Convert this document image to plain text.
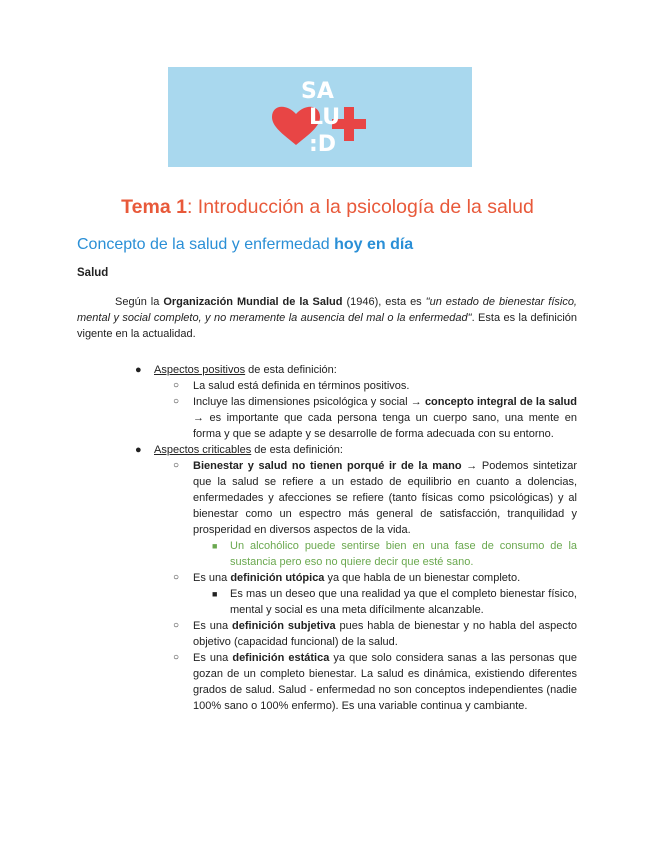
SA
LU
:D
Tema 1: Introducción a la psicología de la salud
Concepto de la salud y enfermedad hoy en día
Salud

Según la Organización Mundial de la Salud (1946), esta es "un estado de bienestar físico, mental y social completo, y no meramente la ausencia del mal o la enfermedad". Esta es la definición vigente en la actualidad.

● Aspectos positivos de esta definición:
○ La salud está definida en términos positivos.
○ Incluye las dimensiones psicológica y social → concepto integral de la salud → es importante que cada persona tenga un cuerpo sano, una mente en forma y que se adapte y se desarrolle de forma adecuada con su entorno.
● Aspectos criticables de esta definición:
○ Bienestar y salud no tienen porqué ir de la mano → Podemos sintetizar que la salud se refiere a un estado de equilibrio en cuanto a dolencias, enfermedades y afecciones se refiere (tanto físicas como psicológicas) y al bienestar como un espectro más general de satisfacción, tranquilidad y prosperidad en diversos aspectos de la vida.
■ Un alcohólico puede sentirse bien en una fase de consumo de la sustancia pero eso no quiere decir que esté sano.
○ Es una definición utópica ya que habla de un bienestar completo.
■ Es mas un deseo que una realidad ya que el completo bienestar físico, mental y social es una meta difícilmente alcanzable.
○ Es una definición subjetiva pues habla de bienestar y no habla del aspecto objetivo (capacidad funcional) de la salud.
○ Es una definición estática ya que solo considera sanas a las personas que gozan de un completo bienestar. La salud es dinámica, existiendo diferentes grados de salud. Salud - enfermedad no son conceptos independientes (nadie 100% sano o 100% enfermo). Es una variable continua y cambiante.
